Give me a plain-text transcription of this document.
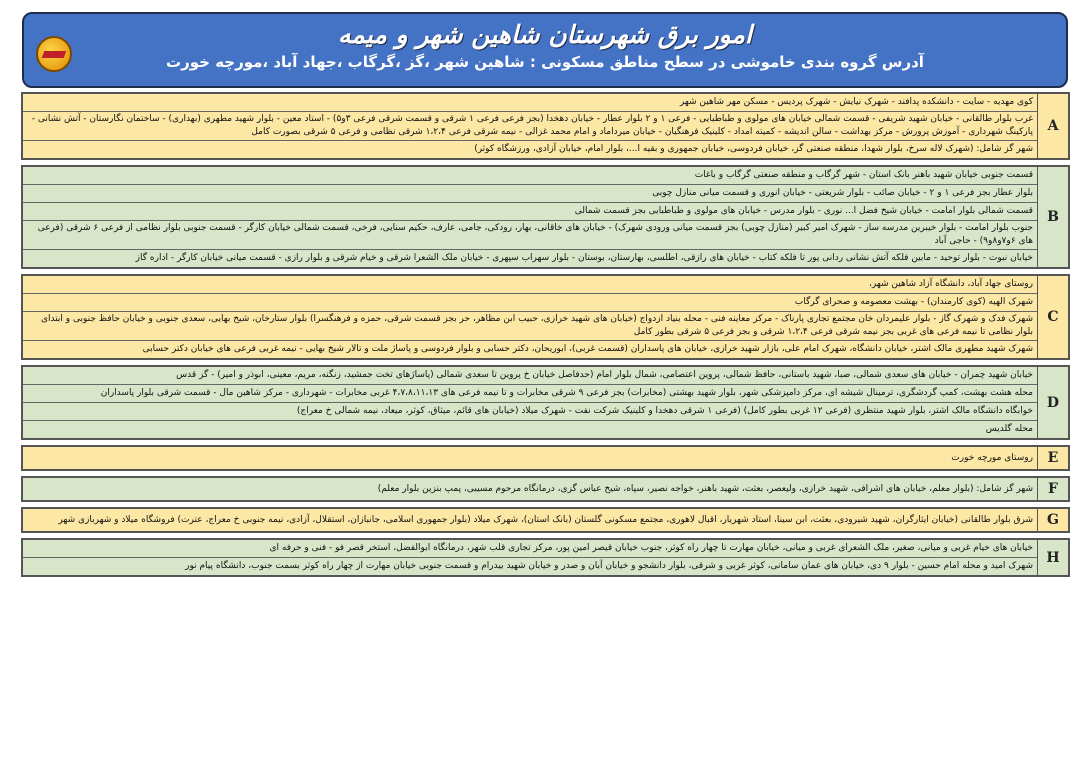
امور برق شهرستان شاهین شهر و میمه
آدرس گروه بندی خاموشی در سطح مناطق مسکونی : شاهین شهر ،گز ،گرگاب ،جهاد آباد ،مورچه خورت
کوی مهدیه - سایت - دانشکده پدافند - شهرک نیایش - شهرک پردیس - مسکن مهر شاهین شهر
غرب بلوار طالقانی - خیابان شهید شریفی - قسمت شمالی خیابان های مولوی و طباطبایی - فرعی ۱ و ۲ بلوار عطار - خیابان دهخدا (بجز فرعی فرعی ۱ شرقی و قسمت شرقی فرعی ۳و۵) - استاد معین - بلوار شهید مطهری (بهداری) - ساختمان نگارستان - آتش نشانی - پارکینگ شهرداری - آموزش پرورش - مرکز بهداشت - سالن اندیشه - کمیته امداد - کلینیک فرهنگیان - خیابان میرداماد و امام محمد غزالی - نیمه شرقی فرعی ۱،۲،۴ شرقی نظامی و فرعی ۵ شرقی بصورت کامل
شهر گز شامل: (شهرک لاله سرخ، بلوار شهدا، منطقه صنعتی گز، خیابان فردوسی، خیابان جمهوری و بقیه ا...، بلوار امام، خیابان آزادی، ورزشگاه کوثر)
A
قسمت جنوبی خیابان شهید باهنر بانک استان - شهر گرگاب و منطقه صنعتی گرگاب و باغات
بلوار عطار بجز فرعی ۱ و ۲ - خیابان صائب - بلوار شریعتی - خیابان انوری و قسمت میانی منازل چوبی
قسمت شمالی بلوار امامت - خیابان شیخ فضل ا... نوری - بلوار مدرس - خیابان های مولوی و طباطبایی بجز قسمت شمالی
جنوب بلوار امامت - بلوار خیبرین مدرسه ساز - شهرک امیر کبیر (منازل چوبی) بجز قسمت میانی ورودی شهرک) - خیابان های خاقانی، بهار، رودکی، جامی، عارف، حکیم سنایی، فرخی، قسمت شمالی خیابان کارگر - قسمت جنوبی بلوار نظامی از فرعی ۶ شرقی (فرعی های ۶و۷و۸و۹) - حاجی آباد
خیابان نبوت - بلوار توحید - مابین فلکه آتش نشانی ردانی پور تا فلکه کتاب - خیابان های رازقی، اطلسی، بهارستان، بوستان - بلوار سهراب سپهری - خیابان ملک الشعرا شرقی و خیام شرقی و بلوار رازی - قسمت میانی خیابان کارگر - اداره گاز
B
روستای جهاد آباد، دانشگاه آزاد شاهین شهر،
شهرک الهیه (کوی کارمندان) - بهشت معصومه و صحرای گرگاب
شهرک فدک و شهرک گاز - بلوار علیمردان خان مجتمع تجاری پارناک - مرکز معاینه فنی - محله بنیاد ازدواج (خیابان های شهید خرازی، حبیب ابن مظاهر، حر بجز قسمت شرقی، حمزه و فرهنگسرا) بلوار ستارخان، شیخ بهایی، سعدی جنوبی و خیابان حافظ جنوبی و ابتدای بلوار نظامی تا نیمه فرعی های غربی بجز نیمه شرقی فرعی ۱،۲،۴ شرقی و بجز فرعی ۵ شرقی بطور کامل
شهرک شهید مطهری مالک اشتر، خیابان دانشگاه، شهرک امام علی، بازار شهید خرازی، خیابان های پاسداران (قسمت غربی)، ابوریحان، دکتر حسابی و بلوار فردوسی و پاساژ ملت و تالار شیخ بهایی - نیمه غربی فرعی های خیابان دکتر حسابی
C
خیابان شهید چمران - خیابان های سعدی شمالی، صبا، شهید باستانی، حافظ شمالی، پروین اعتصامی، شمال بلوار امام (حدفاصل خیابان خ پروین تا سعدی شمالی (پاساژهای تخت جمشید، زنگنه، مریم، معینی، ابوذر و امیر) - گز قدس
محله هشت بهشت، کمپ گردشگری، ترمینال شیشه ای، مرکز دامپزشکی شهر، بلوار شهید بهشتی (مخابرات) بجز فرعی ۹ شرقی مخابرات و تا نیمه فرعی های ۴،۷،۸،۱۱،۱۳ غربی مخابرات - شهرداری - مرکز شاهین مال - قسمت شرقی بلوار پاسداران
خوابگاه دانشگاه مالک اشتر، بلوار شهید منتظری (فرعی ۱۲ غربی بطور کامل) (فرعی ۱ شرقی دهخدا و کلینیک شرکت نفت - شهرک میلاد (خیابان های قائم، میثاق، کوثر، میعاد، نیمه شمالی خ معراج)
محله گلدیس
D
روستای مورچه خورت	E
شهر گز شامل: (بلوار معلم، خیابان های اشرافی، شهید خرازی، ولیعصر، بعثت، شهید باهنر، خواجه نصیر، سپاه، شیخ عباس گزی، درمانگاه مرحوم مسیبی، پمپ بنزین بلوار معلم)	F
شرق بلوار طالقانی (خیابان ایثارگران، شهید شیرودی، بعثت، ابن سینا، استاد شهریار، اقبال لاهوری، مجتمع مسکونی گلستان (بانک استان)، شهرک میلاد (بلوار جمهوری اسلامی، جانبازان، استقلال، آزادی، نیمه جنوبی خ معراج، عترت) فروشگاه میلاد و شهربازی شهر	G
خیابان های خیام غربی و میانی، صغیر، ملک الشعرای غربی و میانی، خیابان مهارت تا چهار راه کوثر، جنوب خیابان قیصر امین پور، مرکز تجاری قلب شهر، درمانگاه ابوالفضل، استخر قصر فو - فنی و حرفه ای
شهرک امید و محله امام حسین - بلوار ۹ دی، خیابان های عمان سامانی، کوثر غربی و شرقی، بلوار دانشجو و خیابان آبان و صدر و خیابان شهید بیدرام و قسمت جنوبی خیابان مهارت از چهار راه کوثر بسمت جنوب، دانشگاه پیام نور
H
